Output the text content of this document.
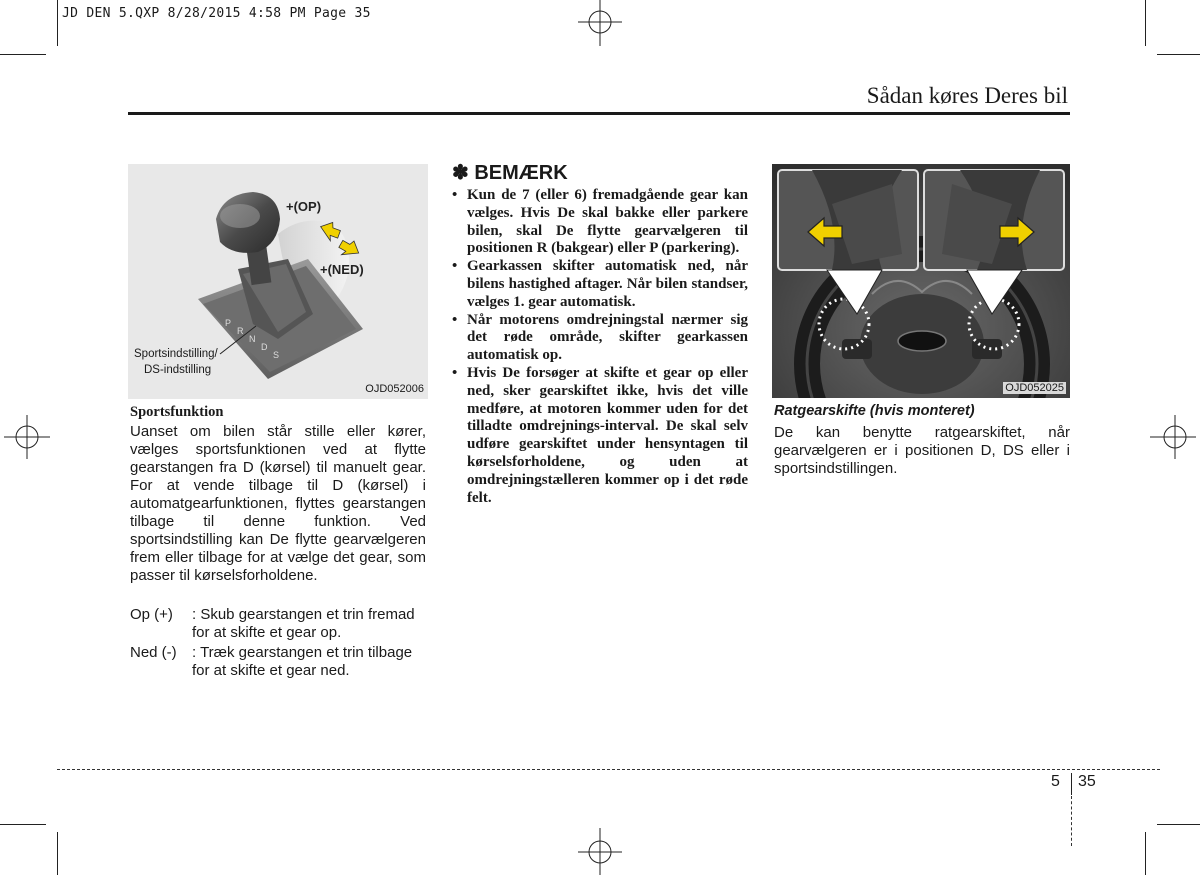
JD DEN 5.QXP 8/28/2015 4:58 PM Page 35
Sådan køres Deres bil
+(OP)
+(NED)
P
R
N
D
S
Sportsindstilling/
DS-indstilling
OJD052006
Sportsfunktion

Uanset om bilen står stille eller kører, vælges sportsfunktionen ved at flytte gearstangen fra D (kørsel) til manuelt gear. For at vende tilbage til D (kørsel) i automatgearfunktionen, flyttes gearstangen tilbage til denne funktion. Ved sportsindstilling kan De flytte gearvælgeren frem eller tilbage for at vælge det gear, som passer til kørselsforholdene.

Op (+) : Skub gearstangen et trin fremad for at skifte et gear op.
Ned (-) : Træk gearstangen et trin tilbage for at skifte et gear ned.
✽ BEMÆRK
• Kun de 7 (eller 6) fremadgående gear kan vælges. Hvis De skal bakke eller parkere bilen, skal De flytte gearvælgeren til positionen R (bakgear) eller P (parkering).
• Gearkassen skifter automatisk ned, når bilens hastighed aftager. Når bilen standser, vælges 1. gear automatisk.
• Når motorens omdrejningstal nærmer sig det røde område, skifter gearkassen automatisk op.
• Hvis De forsøger at skifte et gear op eller ned, sker gearskiftet ikke, hvis det ville medføre, at motoren kommer uden for det tilladte omdrejnings-interval. De skal selv udføre gearskiftet under hensyntagen til kørselsforholdene, og uden at omdrejningstælleren kommer op i det røde felt.
OJD052025
Ratgearskifte (hvis monteret)

De kan benytte ratgearskiftet, når gearvælgeren er i positionen D, DS eller i sportsindstillingen.

5 35
